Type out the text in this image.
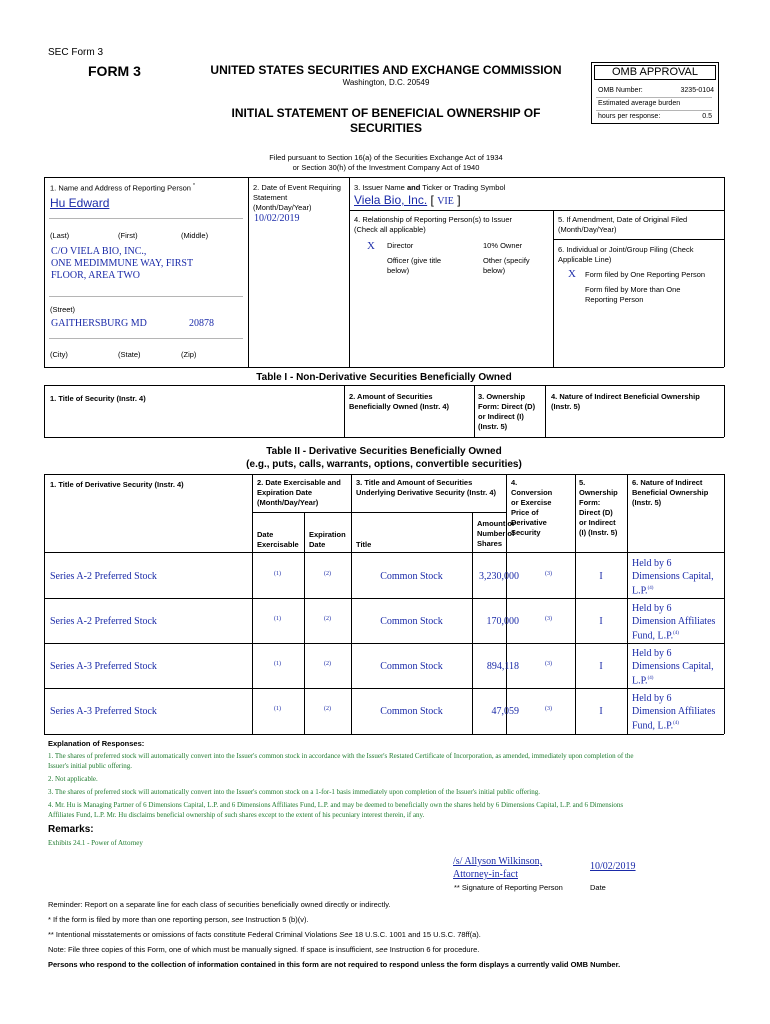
SEC Form 3
FORM 3	UNITED STATES SECURITIES AND EXCHANGE COMMISSION
Washington, D.C. 20549
INITIAL STATEMENT OF BENEFICIAL OWNERSHIP OF
SECURITIES
OMB APPROVAL
OMB Number:	3235-0104
Estimated average burden
hours per response:	0.5
Filed pursuant to Section 16(a) of the Securities Exchange Act of 1934
or Section 30(h) of the Investment Company Act of 1940
1. Name and Address of Reporting Person *
Hu Edward
(Last)	(First)	(Middle)
C/O VIELA BIO, INC.,
ONE MEDIMMUNE WAY, FIRST
FLOOR, AREA TWO
(Street)
GAITHERSBURG MD	20878
(City)	(State)	(Zip)
2. Date of Event Requiring
Statement
(Month/Day/Year)
10/02/2019
3. Issuer Name and Ticker or Trading Symbol
Viela Bio, Inc. [ VIE ]
4. Relationship of Reporting Person(s) to Issuer
(Check all applicable)
X Director	10% Owner
Officer (give title
below)
Other (specify
below)
5. If Amendment, Date of Original Filed
(Month/Day/Year)
6. Individual or Joint/Group Filing (Check
Applicable Line)
X Form filed by One Reporting Person
Form filed by More than One
Reporting Person
Table I - Non-Derivative Securities Beneficially Owned
1. Title of Security (Instr. 4)	2. Amount of Securities
Beneficially Owned (Instr. 4)
3. Ownership
Form: Direct (D)
or Indirect (I)
(Instr. 5)
4. Nature of Indirect Beneficial Ownership
(Instr. 5)
Table II - Derivative Securities Beneficially Owned
(e.g., puts, calls, warrants, options, convertible securities)
1. Title of Derivative Security (Instr. 4)	2. Date Exercisable and
Expiration Date
(Month/Day/Year)
Date
Exercisable
Expiration
Date
3. Title and Amount of Securities
Underlying Derivative Security (Instr. 4)
Title
Amount or
Number of
Shares
4.
Conversion
or Exercise
Price of
Derivative
Security
5.
Ownership
Form:
Direct (D)
or Indirect
(I) (Instr. 5)
6. Nature of Indirect
Beneficial Ownership
(Instr. 5)
Series A-2 Preferred Stock	(1)	(2)	Common Stock	3,230,000	(3)	I
Held by 6
Dimensions Capital,
L.P.$^{(4)}$
Series A-2 Preferred Stock	(1)	(2)	Common Stock	170,000	(3)	I
Held by 6
Dimension Affiliates
Fund, L.P.$^{(4)}$
Series A-3 Preferred Stock	(1)	(2)	Common Stock	894,118	(3)	I
Held by 6
Dimensions Capital,
L.P.$^{(4)}$
Series A-3 Preferred Stock	(1)	(2)	Common Stock	47,059	(3)	I
Held by 6
Dimension Affiliates
Fund, L.P.$^{(4)}$
Explanation of Responses:
1. The shares of preferred stock will automatically convert into the Issuer's common stock in accordance with the Issuer's Restated Certificate of Incorporation, as amended, immediately upon completion of the
Issuer's initial public offering.
2. Not applicable.
3. The shares of preferred stock will automatically convert into the Issuer's common stock on a 1-for-1 basis immediately upon completion of the Issuer's initial public offering.
4. Mr. Hu is Managing Partner of 6 Dimensions Capital, L.P. and 6 Dimensions Affiliates Fund, L.P. and may be deemed to beneficially own the shares held by 6 Dimensions Capital, L.P. and 6 Dimensions
Affiliates Fund, L.P. Mr. Hu disclaims beneficial ownership of such shares except to the extent of his pecuniary interest therein, if any.
Remarks:
Exhibits 24.1 - Power of Attorney
/s/ Allyson Wilkinson,
Attorney-in-fact
10/02/2019
** Signature of Reporting Person	Date
Reminder: Report on a separate line for each class of securities beneficially owned directly or indirectly.
* If the form is filed by more than one reporting person, see Instruction 5 (b)(v).
** Intentional misstatements or omissions of facts constitute Federal Criminal Violations See 18 U.S.C. 1001 and 15 U.S.C. 78ff(a).
Note: File three copies of this Form, one of which must be manually signed. If space is insufficient, see Instruction 6 for procedure.
Persons who respond to the collection of information contained in this form are not required to respond unless the form displays a currently valid OMB Number.
